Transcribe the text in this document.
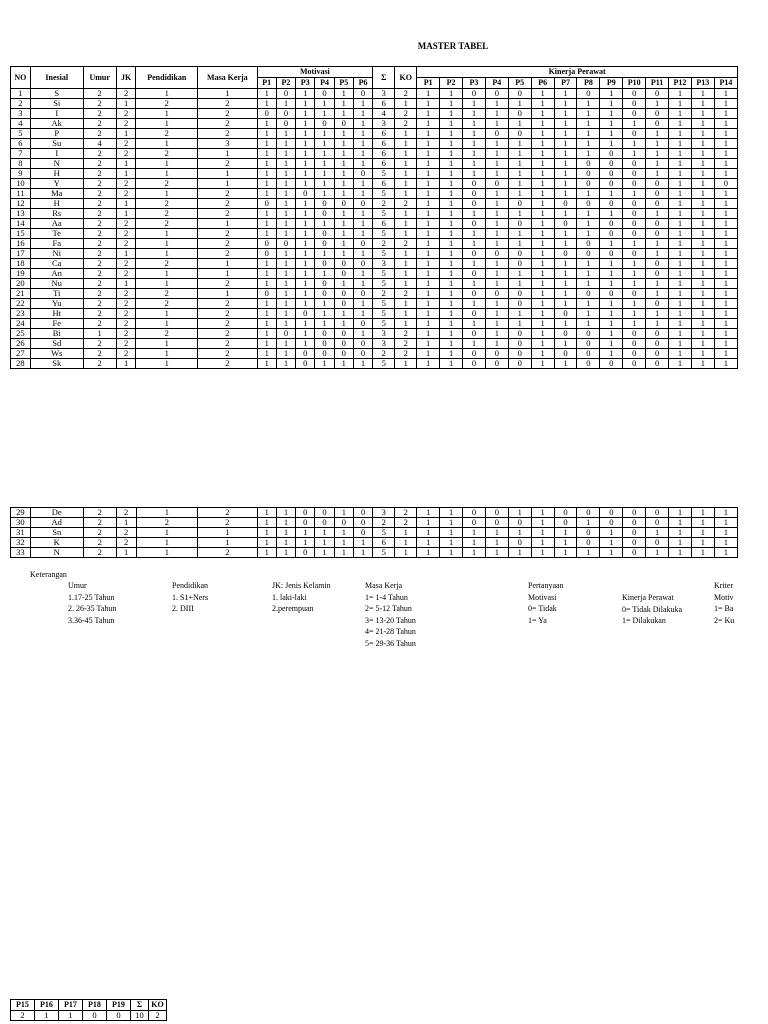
MASTER TABEL
NO	Inesial	Umur	JK	Pendidikan	Masa Kerja	Motivasi						Σ	KO	Kinerja Perawat													
						P1	P2	P3	P4	P5	P6			P1	P2	P3	P4	P5	P6	P7	P8	P9	P10	P11	P12	P13	P14
1	S	2	2	1	1	1	0	1	0	1	0	3	2	1	1	0	0	0	1	1	0	1	0	0	1	1	1
2	Si	2	1	2	2	1	1	1	1	1	1	6	1	1	1	1	1	1	1	1	1	1	0	1	1	1	1
3	I	2	2	1	2	0	0	1	1	1	1	4	2	1	1	1	1	0	1	1	1	1	0	0	1	1	1
4	Ak	2	2	1	2	1	0	1	0	0	1	3	2	1	1	1	1	1	1	1	1	1	1	0	1	1	1
5	P	2	1	2	2	1	1	1	1	1	1	6	1	1	1	1	0	0	1	1	1	1	0	1	1	1	1
6	Su	4	2	1	3	1	1	1	1	1	1	6	1	1	1	1	1	1	1	1	1	1	1	1	1	1	1
7	I	2	2	2	1	1	1	1	1	1	1	6	1	1	1	1	1	1	1	1	1	0	1	1	1	1	1
8	N	2	1	1	2	1	1	1	1	1	1	6	1	1	1	1	1	1	1	1	0	0	0	1	1	1	1
9	H	2	1	1	1	1	1	1	1	1	0	5	1	1	1	1	1	1	1	1	0	0	0	1	1	1	1
10	Y	2	2	2	1	1	1	1	1	1	1	6	1	1	1	0	0	1	1	1	0	0	0	0	1	1	0
11	Ma	2	2	1	2	1	1	0	1	1	1	5	1	1	1	0	1	1	1	1	1	1	1	0	1	1	1
12	H	2	1	2	2	0	1	1	0	0	0	2	2	1	1	0	1	0	1	0	0	0	0	0	1	1	1
13	Rs	2	1	2	2	1	1	1	0	1	1	5	1	1	1	1	1	1	1	1	1	1	0	1	1	1	1
14	Aa	2	2	2	1	1	1	1	1	1	1	6	1	1	1	0	1	0	1	0	1	0	0	0	1	1	1
15	Te	2	2	1	2	1	1	1	0	1	1	5	1	1	1	1	1	1	1	1	1	0	0	0	1	1	1
16	Fa	2	2	1	2	0	0	1	0	1	0	2	2	1	1	1	1	1	1	1	0	1	1	1	1	1	1
17	Ni	2	1	1	2	0	1	1	1	1	1	5	1	1	1	0	0	0	1	0	0	0	0	1	1	1	1
18	Ca	2	2	2	1	1	1	1	0	0	0	3	1	1	1	1	1	0	1	1	1	1	1	0	1	1	1
19	An	2	2	1	1	1	1	1	1	0	1	5	1	1	1	0	1	1	1	1	1	1	1	0	1	1	1
20	Nu	2	1	1	2	1	1	1	0	1	1	5	1	1	1	1	1	1	1	1	1	1	1	1	1	1	1
21	Ti	2	2	2	1	0	1	1	0	0	0	2	2	1	1	0	0	0	1	1	0	0	0	1	1	1	1
22	Yu	2	2	2	2	1	1	1	1	0	1	5	1	1	1	1	1	0	1	1	1	1	1	0	1	1	1
23	Ht	2	2	1	2	1	1	0	1	1	1	5	1	1	1	0	1	1	1	0	1	1	1	1	1	1	1
24	Fe	2	2	1	2	1	1	1	1	1	0	5	1	1	1	1	1	1	1	1	1	1	1	1	1	1	1
25	Bi	1	2	2	2	1	0	1	0	0	1	3	2	1	1	0	1	0	1	0	0	1	0	0	1	1	1
26	Sd	2	2	1	2	1	1	1	0	0	0	3	2	1	1	1	1	0	1	1	0	1	0	0	1	1	1
27	Ws	2	2	1	2	1	1	0	0	0	0	2	2	1	1	0	0	0	1	0	0	1	0	0	1	1	1
28	Sk	2	1	1	2	1	1	0	1	1	1	5	1	1	1	0	0	0	1	1	0	0	0	0	1	1	1
29	De	2	2	1	2	1	1	0	0	1	0	3	2	1	1	0	0	1	1	0	0	0	0	0	1	1	1
30	Ad	2	1	2	2	1	1	0	0	0	0	2	2	1	1	0	0	0	1	0	1	0	0	0	1	1	1
31	Sn	2	2	1	1	1	1	1	1	1	0	5	1	1	1	1	1	1	1	1	0	1	0	1	1	1	1
32	K	2	2	1	1	1	1	1	1	1	1	6	1	1	1	1	1	0	1	1	0	1	0	0	1	1	1
33	N	2	1	1	2	1	1	0	1	1	1	5	1	1	1	1	1	1	1	1	1	1	0	1	1	1	1
Keterangan
Umur
1.17-25 Tahun
2. 26-35 Tahun
3.36-45 Tahun
Pendidikan
1. S1+Ners
2. DIII
JK: Jenis Kelamin
1. laki-laki
2.perempuan
Masa Kerja
1= 1-4 Tahun
2= 5-12 Tahun
3= 13-20 Tahun
4= 21-28 Tahun
5= 29-36 Tahun
Pertanyaan
Motivasi
0= Tidak
1= Ya
Kinerja Perawat
0= Tidak Dilakuka
1= Dilakukan
Kriter
Motiv
1= Ba
2= Ku
P15	P16	P17	P18	P19	Σ	KO
2	1	1	0	0	10	2
